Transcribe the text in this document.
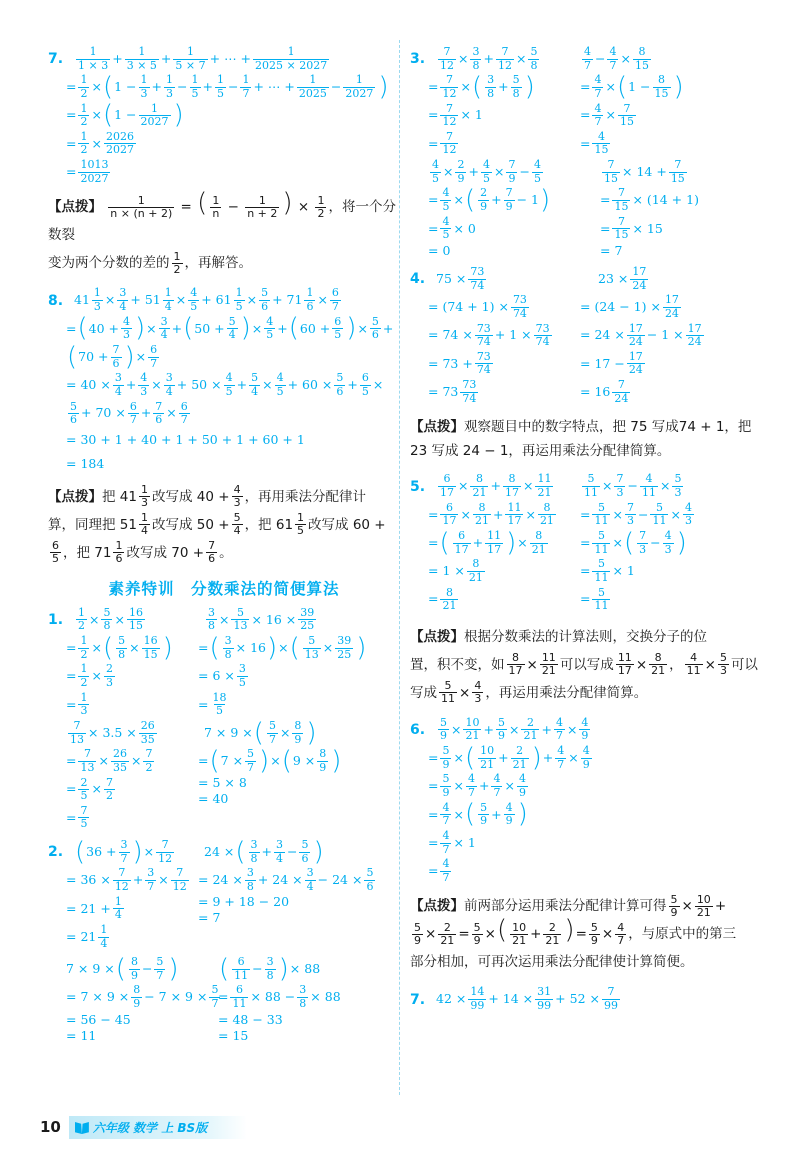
7.	$\frac{1}{1 \times 3} + \frac{1}{3 \times 5} + \frac{1}{5 \times 7}$ + ⋯ + $\frac{1}{2025 \times 2027}$
= $\frac{1}{2}$ × ( $1 - \frac{1}{3} + \frac{1}{3} - \frac{1}{5} + \frac{1}{5} - \frac{1}{7}$ + ⋯ + $\frac{1}{2025} - \frac{1}{2027}$ )
= $\frac{1}{2}$ × ( $1 - \frac{1}{2027}$ )
= $\frac{1}{2} \times \frac{2026}{2027}$
= $\frac{1013}{2027}$
【点拨】 $\frac{1}{n \times (n + 2)}$ = ( $\frac{1}{n} - \frac{1}{n + 2}$ ) × $\frac{1}{2}$ ，将一个分数裂
变为两个分数的差的 $\frac{1}{2}$ ，再解答。
8. $41 \frac{1}{3} \times \frac{3}{4} + 51 \frac{1}{4} \times \frac{4}{5} + 61 \frac{1}{5} \times \frac{5}{6} + 71 \frac{1}{6} \times \frac{6}{7}$
= ( $40 + \frac{4}{3}$ ) × $\frac{3}{4}$ + ( $50 + \frac{5}{4}$ ) × $\frac{4}{5}$ + ( $60 + \frac{6}{5}$ ) × $\frac{5}{6}$ +
( $70 + \frac{7}{6}$ ) × $\frac{6}{7}$
= $40 \times \frac{3}{4} + \frac{4}{3} \times \frac{3}{4} + 50 \times \frac{4}{5} + \frac{5}{4} \times \frac{4}{5} + 60 \times \frac{5}{6} + \frac{6}{5}$ ×
$\frac{5}{6} + 70 \times \frac{6}{7} + \frac{7}{6} \times \frac{6}{7}$
= 30 + 1 + 40 + 1 + 50 + 1 + 60 + 1
= 184
【点拨】把 $41 \frac{1}{3}$ 改写成 $40 + \frac{4}{3}$ ，再用乘法分配律计
算，同理把 $51 \frac{1}{4}$ 改写成 $50 + \frac{5}{4}$ ，把 $61 \frac{1}{5}$ 改写成 60 +

$\frac{6}{5}$ ，把 $71 \frac{1}{6}$ 改写成 $70 + \frac{7}{6}$ 。
素养特训　分数乘法的简便算法
1.	$\frac{1}{2} \times \frac{5}{8} \times \frac{16}{15}$
= $\frac{1}{2}$ × ( $\frac{5}{8} \times \frac{16}{15}$ )
= $\frac{1}{2} \times \frac{2}{3}$
= $\frac{1}{3}$
$\frac{3}{8} \times \frac{5}{13} \times 16 \times \frac{39}{25}$
= ( $\frac{3}{8} \times 16$ ) × ( $\frac{5}{13} \times \frac{39}{25}$ )
= $6 \times \frac{3}{5}$
= $\frac{18}{5}$
$\frac{7}{13} \times 3.5 \times \frac{26}{35}$
= $\frac{7}{13} \times \frac{26}{35} \times \frac{7}{2}$
= $\frac{2}{5} \times \frac{7}{2}$
= $\frac{7}{5}$
7 × 9 × ( $\frac{5}{7} \times \frac{8}{9}$ )
= ( $7 \times \frac{5}{7}$ ) × ( $9 \times \frac{8}{9}$ )
= 5 × 8
= 40
2. ( $36 + \frac{3}{7}$ ) × $\frac{7}{12}$
= $36 \times \frac{7}{12} + \frac{3}{7} \times \frac{7}{12}$
= $21 + \frac{1}{4}$
= $21 \frac{1}{4}$
24 × ( $\frac{3}{8} + \frac{3}{4} - \frac{5}{6}$ )
= $24 \times \frac{3}{8} + 24 \times \frac{3}{4} - 24 \times \frac{5}{6}$
= 9 + 18 − 20
= 7
7 × 9 × ( $\frac{8}{9} - \frac{5}{7}$ )
= $7 \times 9 \times \frac{8}{9} - 7 \times 9 \times \frac{5}{7}$
= 56 − 45
= 11
( $\frac{6}{11} - \frac{3}{8}$ ) × 88
= $\frac{6}{11} \times 88 - \frac{3}{8} \times 88$
= 48 − 33
= 15
3.	$\frac{7}{12} \times \frac{3}{8} + \frac{7}{12} \times \frac{5}{8}$
= $\frac{7}{12}$ × ( $\frac{3}{8} + \frac{5}{8}$ )
= $\frac{7}{12} \times 1$
= $\frac{7}{12}$
$\frac{4}{7} - \frac{4}{7} \times \frac{8}{15}$
= $\frac{4}{7}$ × ( $1 - \frac{8}{15}$ )
= $\frac{4}{7} \times \frac{7}{15}$
= $\frac{4}{15}$
$\frac{4}{5} \times \frac{2}{9} + \frac{4}{5} \times \frac{7}{9} - \frac{4}{5}$
= $\frac{4}{5}$ × ( $\frac{2}{9} + \frac{7}{9} - 1$ )
= $\frac{4}{5} \times 0$
= 0
$\frac{7}{15} \times 14 + \frac{7}{15}$
= $\frac{7}{15} \times (14 + 1)$
= $\frac{7}{15} \times 15$
= 7
4. $75 \times \frac{73}{74}$
= $(74 + 1) \times \frac{73}{74}$
= $74 \times \frac{73}{74} + 1 \times \frac{73}{74}$
= $73 + \frac{73}{74}$
= $73 \frac{73}{74}$
$23 \times \frac{17}{24}$
= $(24 - 1) \times \frac{17}{24}$
= $24 \times \frac{17}{24} - 1 \times \frac{17}{24}$
= $17 - \frac{17}{24}$
= $16 \frac{7}{24}$
【点拨】观察题目中的数字特点，把 75 写成74 + 1，把 23 写成 24 − 1，再运用乘法分配律简算。
5.	$\frac{6}{17} \times \frac{8}{21} + \frac{8}{17} \times \frac{11}{21}$
= $\frac{6}{17} \times \frac{8}{21} + \frac{11}{17} \times \frac{8}{21}$
= ( $\frac{6}{17} + \frac{11}{17}$ ) × $\frac{8}{21}$
= $1 \times \frac{8}{21}$
= $\frac{8}{21}$
$\frac{5}{11} \times \frac{7}{3} - \frac{4}{11} \times \frac{5}{3}$
= $\frac{5}{11} \times \frac{7}{3} - \frac{5}{11} \times \frac{4}{3}$
= $\frac{5}{11}$ × ( $\frac{7}{3} - \frac{4}{3}$ )
= $\frac{5}{11} \times 1$
= $\frac{5}{11}$
【点拨】根据分数乘法的计算法则，交换分子的位
置，积不变，如 $\frac{8}{17} \times \frac{11}{21}$ 可以写成 $\frac{11}{17} \times \frac{8}{21}$ ， $\frac{4}{11} \times \frac{5}{3}$ 可以
写成 $\frac{5}{11} \times \frac{4}{3}$ ，再运用乘法分配律简算。
6.	$\frac{5}{9} \times \frac{10}{21} + \frac{5}{9} \times \frac{2}{21} + \frac{4}{7} \times \frac{4}{9}$
= $\frac{5}{9}$ × ( $\frac{10}{21} + \frac{2}{21}$ ) + $\frac{4}{7} \times \frac{4}{9}$
= $\frac{5}{9} \times \frac{4}{7} + \frac{4}{7} \times \frac{4}{9}$
= $\frac{4}{7}$ × ( $\frac{5}{9} + \frac{4}{9}$ )
= $\frac{4}{7} \times 1$
= $\frac{4}{7}$
【点拨】前两部分运用乘法分配律计算可得 $\frac{5}{9} \times \frac{10}{21}$ +

$\frac{5}{9} \times \frac{2}{21} = \frac{5}{9}$ ×( $\frac{10}{21} + \frac{2}{21}$ )= $\frac{5}{9} \times \frac{4}{7}$ ，与原式中的第三
部分相加，可再次运用乘法分配律使计算简便。
7. $42 \times \frac{14}{99} + 14 \times \frac{31}{99} + 52 \times \frac{7}{99}$
10	六年级 数学 上 BS版
